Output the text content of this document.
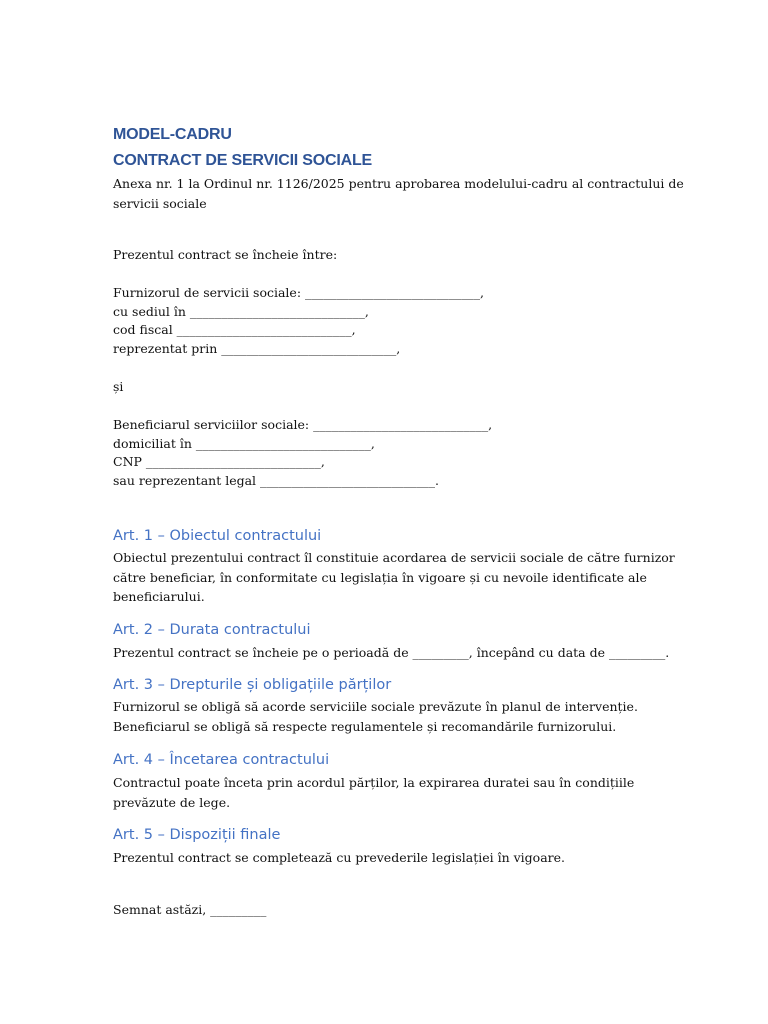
MODEL-CADRU

CONTRACT DE SERVICII SOCIALE

Anexa nr. 1 la Ordinul nr. 1126/2025 pentru aprobarea modelului-cadru al contractului de

servicii sociale

Prezentul contract se încheie între:

Furnizorul de servicii sociale: ____________________________,

cu sediul în ____________________________,

cod fiscal ____________________________,

reprezentat prin ____________________________,

și

Beneficiarul serviciilor sociale: ____________________________,

domiciliat în ____________________________,

CNP ____________________________,

sau reprezentant legal ____________________________.

Art. 1 – Obiectul contractului

Obiectul prezentului contract îl constituie acordarea de servicii sociale de către furnizor

către beneficiar, în conformitate cu legislația în vigoare și cu nevoile identificate ale

beneficiarului.

Art. 2 – Durata contractului

Prezentul contract se încheie pe o perioadă de _________, începând cu data de _________.

Art. 3 – Drepturile și obligațiile părților

Furnizorul se obligă să acorde serviciile sociale prevăzute în planul de intervenție.

Beneficiarul se obligă să respecte regulamentele și recomandările furnizorului.

Art. 4 – Încetarea contractului

Contractul poate înceta prin acordul părților, la expirarea duratei sau în condițiile

prevăzute de lege.

Art. 5 – Dispoziții finale

Prezentul contract se completează cu prevederile legislației în vigoare.

Semnat astăzi, _________
